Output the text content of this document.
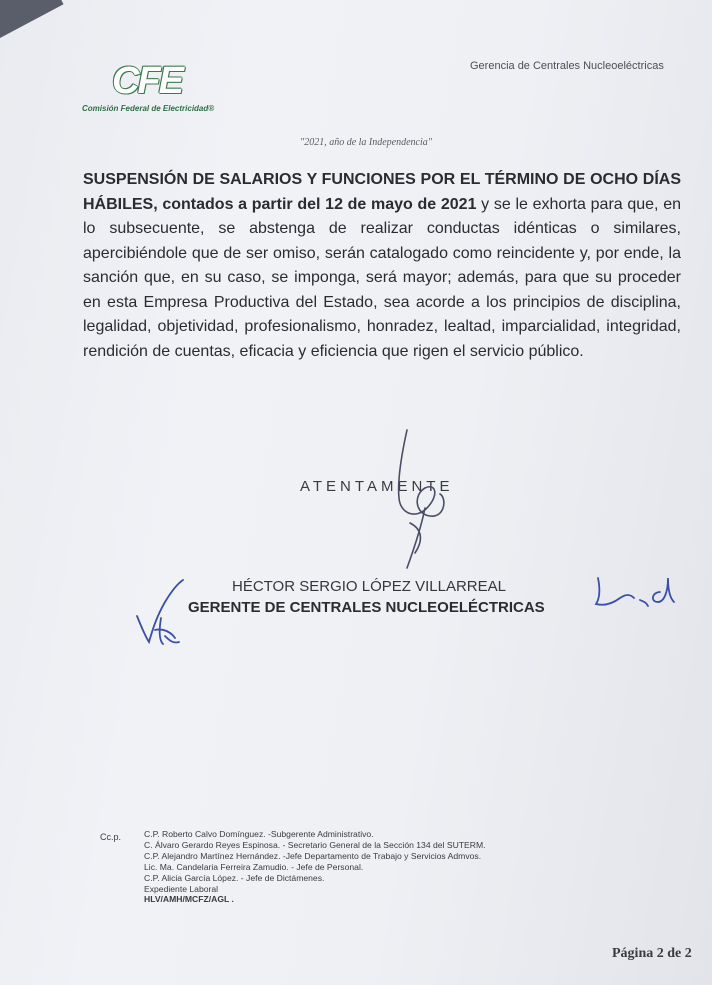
CFE
Comisión Federal de Electricidad®
Gerencia de Centrales Nucleoeléctricas
"2021, año de la Independencia"
SUSPENSIÓN DE SALARIOS Y FUNCIONES POR EL TÉRMINO DE OCHO DÍAS HÁBILES, contados a partir del 12 de mayo de 2021 y se le exhorta para que, en lo subsecuente, se abstenga de realizar conductas idénticas o similares, apercibiéndole que de ser omiso, serán catalogado como reincidente y, por ende, la sanción que, en su caso, se imponga, será mayor; además, para que su proceder en esta Empresa Productiva del Estado, sea acorde a los principios de disciplina, legalidad, objetividad, profesionalismo, honradez, lealtad, imparcialidad, integridad, rendición de cuentas, eficacia y eficiencia que rigen el servicio público.
ATENTAMENTE
HÉCTOR SERGIO LÓPEZ VILLARREAL
GERENTE DE CENTRALES NUCLEOELÉCTRICAS
Cc.p.	C.P. Roberto Calvo Domínguez. -Subgerente Administrativo.
C. Álvaro Gerardo Reyes Espinosa. - Secretario General de la Sección 134 del SUTERM.
C.P. Alejandro Martínez Hernández. -Jefe Departamento de Trabajo y Servicios Admvos.
Lic. Ma. Candelaria Ferreira Zamudio. - Jefe de Personal.
C.P. Alicia García López. - Jefe de Dictámenes.
Expediente Laboral
HLV/AMH/MCFZ/AGL .
Página 2 de 2
